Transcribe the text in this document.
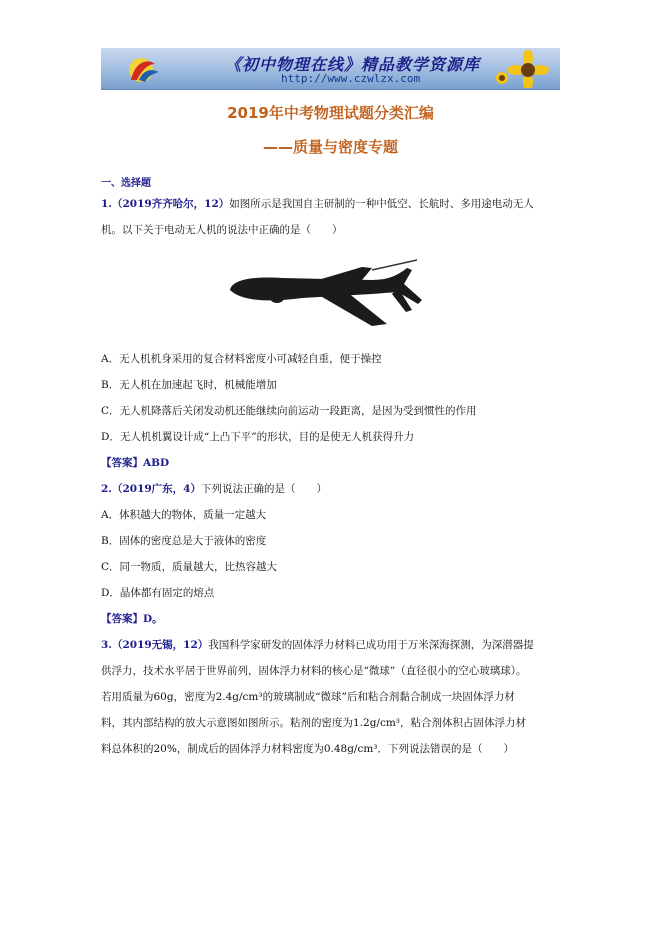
《初中物理在线》精品教学资源库
http://www.czwlzx.com
2019年中考物理试题分类汇编
——质量与密度专题
一、选择题
1.（2019齐齐哈尔，12）如图所示是我国自主研制的一种中低空、长航时、多用途电动无人
机。以下关于电动无人机的说法中正确的是（　　）
A．无人机机身采用的复合材料密度小可减轻自重，便于操控
B．无人机在加速起飞时，机械能增加
C．无人机降落后关闭发动机还能继续向前运动一段距离，是因为受到惯性的作用
D．无人机机翼设计成“上凸下平”的形状，目的是使无人机获得升力
【答案】ABD
2.（2019广东，4）下列说法正确的是（　　）
A．体积越大的物体，质量一定越大
B．固体的密度总是大于液体的密度
C．同一物质，质量越大，比热容越大
D．晶体都有固定的熔点
【答案】D。
3.（2019无锡，12）我国科学家研发的固体浮力材料已成功用于万米深海探测，为深潜器提
供浮力，技术水平居于世界前列，固体浮力材料的核心是“微球”（直径很小的空心玻璃球）。
若用质量为60g，密度为2.4g/cm³的玻璃制成“微球”后和粘合剂黏合制成一块固体浮力材
料，其内部结构的放大示意图如图所示。粘剂的密度为1.2g/cm³，粘合剂体积占固体浮力材
料总体积的20%，制成后的固体浮力材料密度为0.48g/cm³．下列说法错误的是（　　）
